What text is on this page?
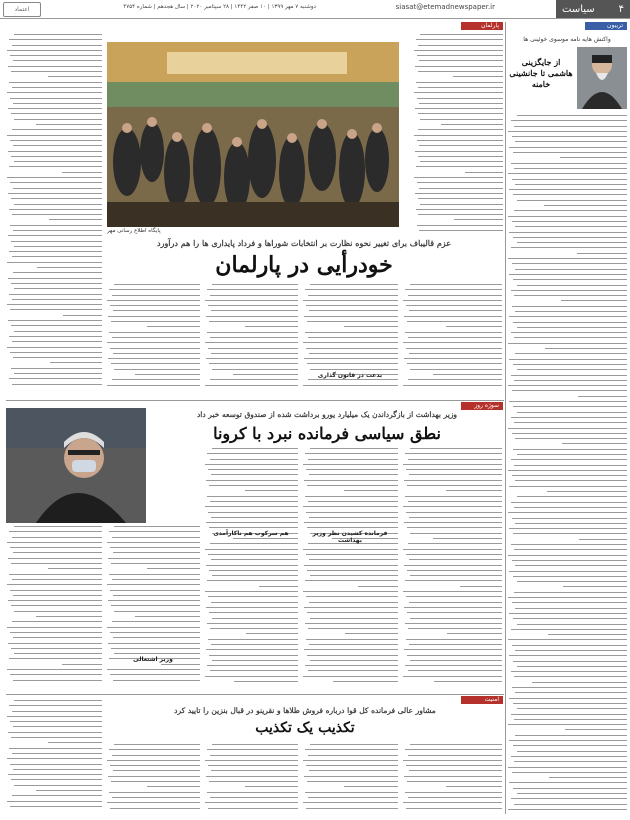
۴
سیاست
siasat@etemadnewspaper.ir
دوشنبه ۷ مهر ۱۳۹۹ | ۱۰ صفر ۱۴۴۲ | ۲۸ سپتامبر ۲۰۲۰ | سال هجدهم | شماره ۴۷۵۴
اعتماد
تریبون
واکنش هایه نامه موسوی خوئینی ها
از جایگزینی هاشمی تا جانشینی خامنه
پارلمان
پایگاه اطلاع رسانی مهر
عزم قالیباف برای تغییر نحوه نظارت بر انتخابات شوراها و فرداد پایداری ها را هم درآورد
خودرأیی در پارلمان
بدعت در قانون گذاری
سوژه روز
وزیر بهداشت از بازگرداندن یک میلیارد یورو برداشت شده از صندوق توسعه خبر داد
نطق سیاسی فرمانده نبرد با کرونا
فرمانده کشیدن نظر وزیر بهداشت
هم سرکوب هم ناکارآمدی
وزیر اشتغالی
امنیت
مشاور عالی فرمانده کل قوا درباره فروش طلاها و نقرینو در قبال بنزین را تایید کرد
تکذیب یک تکذیب
